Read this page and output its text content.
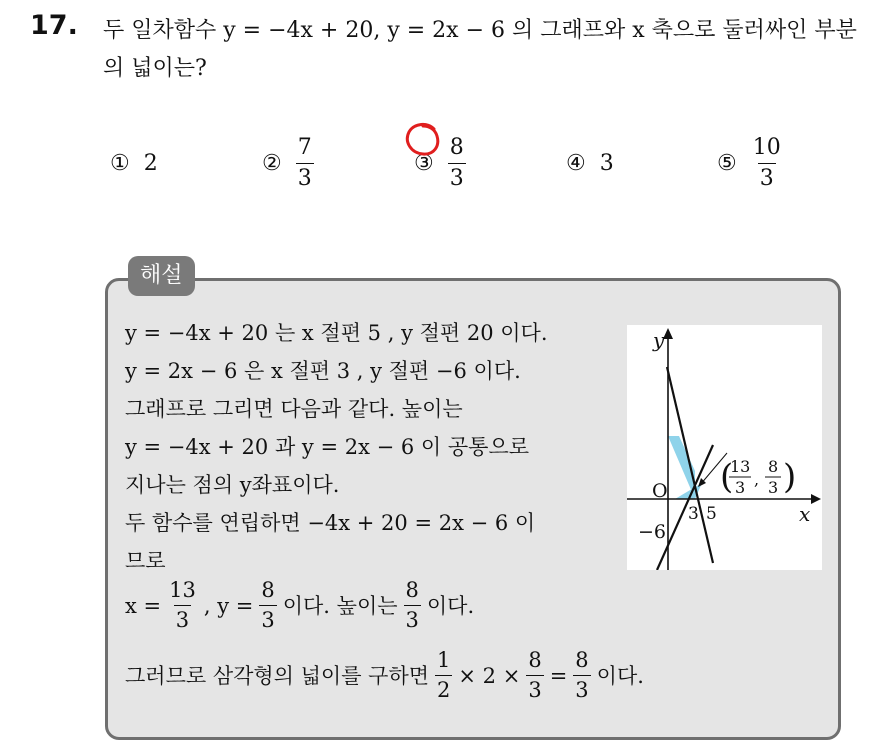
17. 두 일차함수 y = −4x + 20, y = 2x − 6 의 그래프와 x 축으로 둘러싸인 부분의 넓이는?
① 2	② $\frac{7}{3}$	③ $\frac{8}{3}$	④ 3	⑤ $\frac{10}{3}$
해설
y = −4x + 20 는 x 절편 5 , y 절편 20 이다.
y = 2x − 6 은 x 절편 3 , y 절편 −6 이다.
그래프로 그리면 다음과 같다. 높이는
y = −4x + 20 과 y = 2x − 6 이 공통으로
지나는 점의 y좌표이다.
두 함수를 연립하면 −4x + 20 = 2x − 6 이
므로
$x = \frac{13}{3}$ , $y = \frac{8}{3}$ 이다. 높이는 $\frac{8}{3}$ 이다.
그러므로 삼각형의 넓이를 구하면 $\frac{1}{2} \times 2 \times \frac{8}{3} = \frac{8}{3}$ 이다.
y
x
O
−6
3 5
(
13
3 ,
8
3 )
